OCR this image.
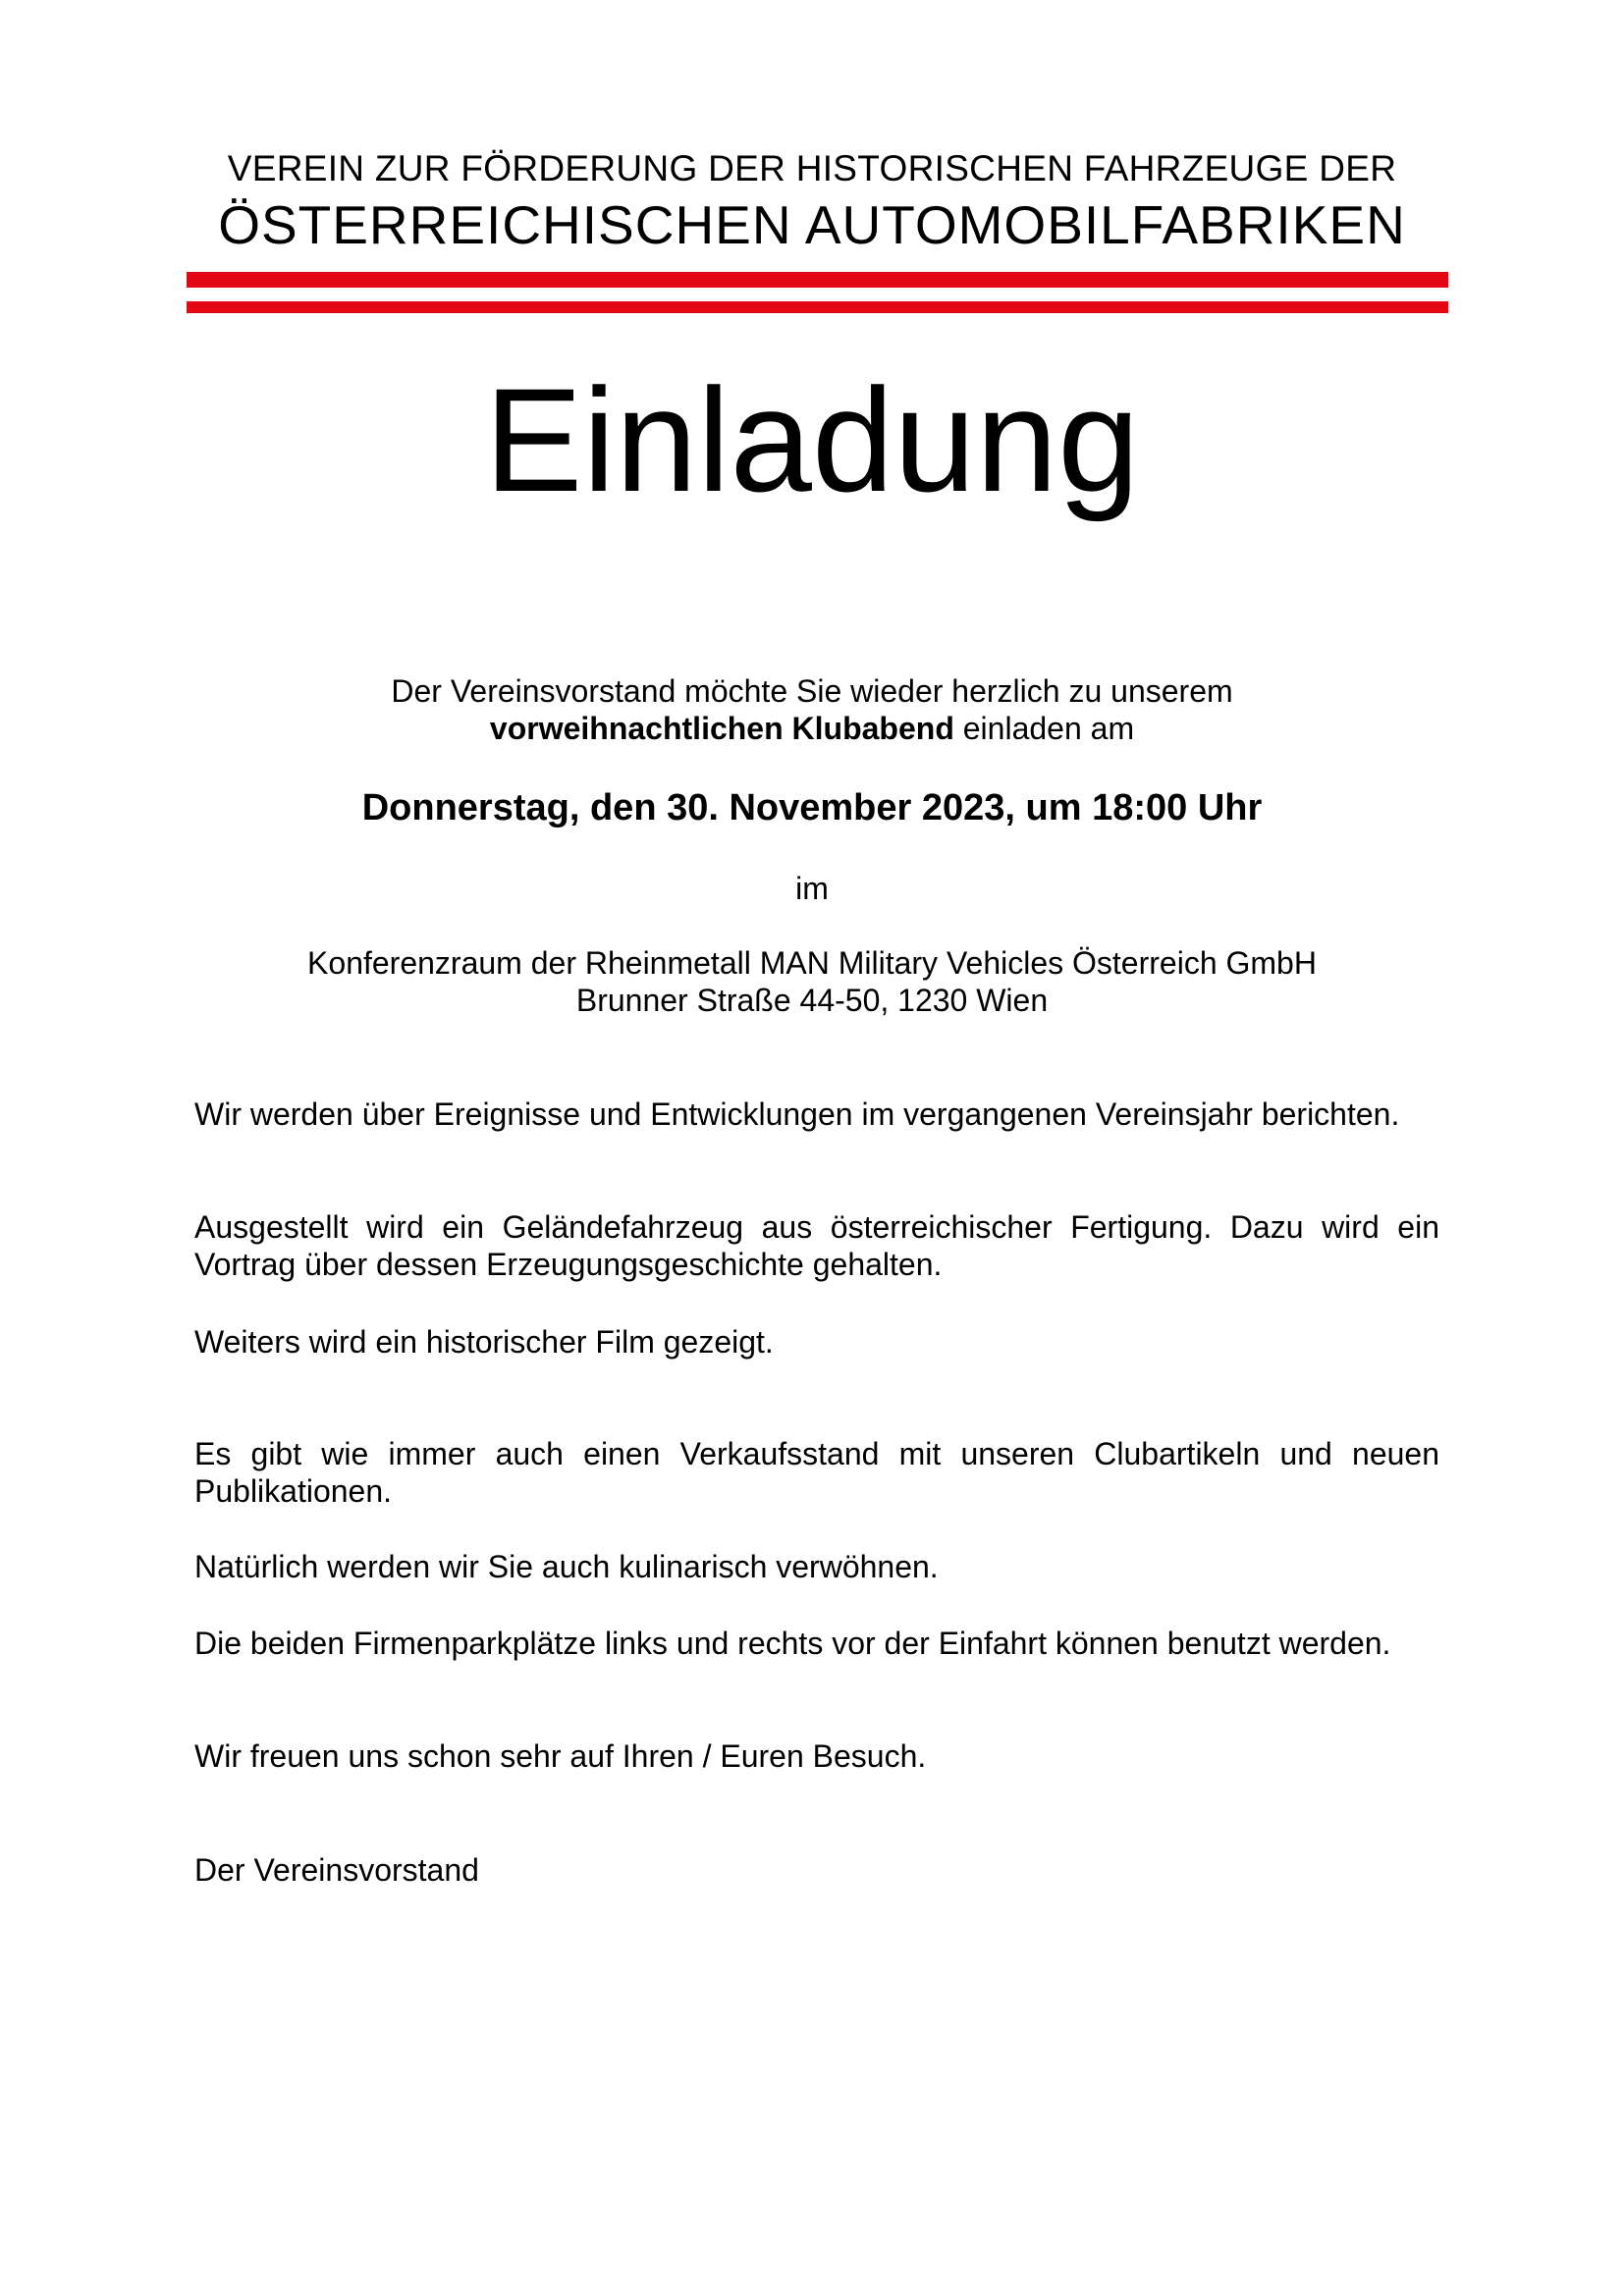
VEREIN ZUR FÖRDERUNG DER HISTORISCHEN FAHRZEUGE DER
ÖSTERREICHISCHEN AUTOMOBILFABRIKEN
Einladung
Der Vereinsvorstand möchte Sie wieder herzlich zu unserem
vorweihnachtlichen Klubabend einladen am
Donnerstag, den 30. November 2023, um 18:00 Uhr
im
Konferenzraum der Rheinmetall MAN Military Vehicles Österreich GmbH
Brunner Straße 44-50, 1230 Wien
Wir werden über Ereignisse und Entwicklungen im vergangenen Vereinsjahr berichten.
Ausgestellt wird ein Geländefahrzeug aus österreichischer Fertigung. Dazu wird ein Vortrag über dessen Erzeugungsgeschichte gehalten.
Weiters wird ein historischer Film gezeigt.
Es gibt wie immer auch einen Verkaufsstand mit unseren Clubartikeln und neuen Publikationen.
Natürlich werden wir Sie auch kulinarisch verwöhnen.
Die beiden Firmenparkplätze links und rechts vor der Einfahrt können benutzt werden.
Wir freuen uns schon sehr auf Ihren / Euren Besuch.
Der Vereinsvorstand
